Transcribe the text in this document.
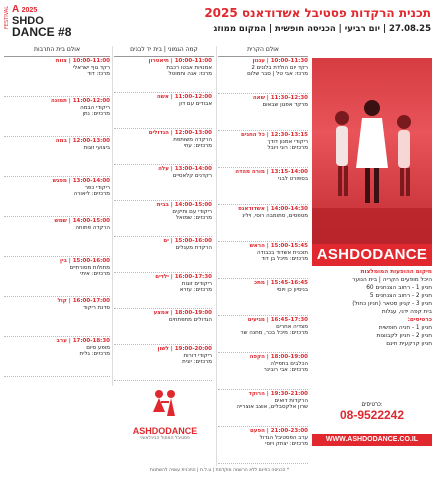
FESTIVAL A 2025
SHDO
DANCE #8
תכנית הרקדות פסטיבל אשדודאנס 2025
27.08.25 | יום רביעי | הכניסה חופשית | המקום ממוזג
אולם הקרית
קמה הגמוני | בית יד לבנים
אולם בית התרבות
10:00-11:30 | עגנון
רקד יום הולדת בלונים 2
מרכז: אבי טל | סבר שלום
11:30-12:30 | שאה
מרקד אפגון שבאום
12:30-13:15 | כל החגים
ריקודי אמנון דודך
מרכזים: רוני ויובל
13:15-14:00 | מורה מהדה
בספורט לבני
14:00-14:30 | אשדודאנס
מטפסים, סתומבה רוסי, וילינ
15:00-15:45 | הראש
תוכנית אשדוד בכבודה
מרכזים: מיכל בן דוד
15:45-16:45 | מתכ
בניסיון כן ויוסי
16:45-17:30 | מגיעים
מצדיה אחרים
מרכזים: מיכל בכר, מחנה שר
18:00-19:00 | הקפה
הכלבים בתפילה
מרכזים: אבי רובינר
19:30-21:00 | הרוקד
הרקדות דואים
שרון אלקסבלים, אוצב אוצרייה
21:00-23:00 | הפעם
ערב הפסטיבל הגדול
מרכזים: יצחק ויוסי
10:00-11:00 | תיאטרון
אמנויות אבטו רכבת
מרכז: אנה וחמוטל
11:00-12:00 | אשה
אבודים עם דון
12:00-13:00 | הגדולים
הרקדה משותפת
מרכזים: עוזי
13:00-14:00 | עלה
רקדנים קלאסיים
14:00-15:00 | בבית
ריקודי עם ותיקים
מרכזים: שמואל
15:00-16:00 | ים
הרקדת מעגלים
16:00-17:30 | ילדים
ריקודים זוגות
מרכזים: עזרא
18:00-19:00 | אמצע
הגדולים מתפתחים
19:00-20:00 | לשון
ריקודי דורות
מרכזים: יונית
10:00-11:00 | צוות
רקד גוף ישראלי
מרכז: דוד
11:00-12:00 | תמונה
ריקודי הבמה
מרכזים: נתן
12:00-13:00 | במה
ביצועי זוגות
13:00-14:00 | מפגש
ריקודי כפר
מרכזים: ליאורה
14:00-15:00 | שמש
הרקדה פתוחה
15:00-16:00 | בין
מחולות מסורתיים
מרכזים: איתי
16:00-17:00 | קול
סדנת ריקוד
17:00-18:30 | ערב
מופע סיום
מרכזים: גלית
ASHDODANCE
מיקום ההופעות המומלצות
היכל מופעים הקריה | בית הנוער
חניון 1 - רחוב הצנחנים 60
חניון 2 - רחוב הצנחנים 5
חניון 3 - קניון סטאר (חניון כחול)
בית קפה ידני, עגלות
כרטיסים:
חניון 1 - חניה חופשית
חניון 2 - חניון לקבוצות
חניון קרקעית חינם
כרטיסים:
08-9522242
WWW.ASHDODANCE.CO.IL
ASHDODANCE
פסטיבל המחול הבינלאומי
* הכניסה בחינם ללא הרשמה מוקדמת | ט.ל.ח | התכנית עשויה להשתנות
